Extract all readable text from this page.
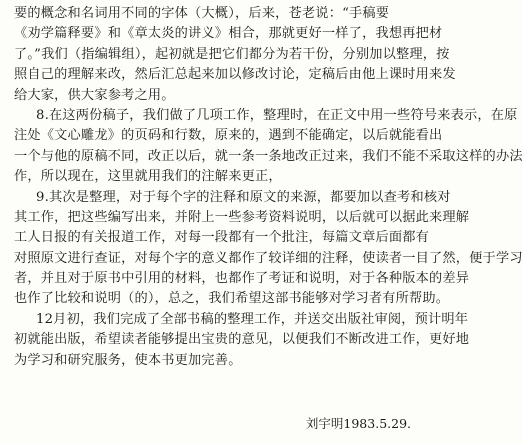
要的概念和名词用不同的字体（大概），后来，苍老说：“手稿要
《劝学篇释要》和《章太炎的讲义》相合，那就更好一样了，我想再把材
了。”我们（指编辑组），起初就是把它们都分为若干份，分别加以整理，按
照自己的理解来改，然后汇总起来加以修改讨论，定稿后由他上课时用来发
给大家，供大家参考之用。
8.在这两份稿子，我们做了几项工作，整理时，在正文中用一些符号来表示，在原
注处《文心雕龙》的页码和行数，原来的，遇到不能确定，以后就能看出
一个与他的原稿不同，改正以后，就一条一条地改正过来，我们不能不采取这样的办法
作，所以现在，这里就用我们的注解来更正，
9.其次是整理，对于每个字的注释和原文的来源，都要加以查考和核对
其工作，把这些编写出来，并附上一些参考资料说明，以后就可以据此来理解
工人日报的有关报道工作，对每一段都有一个批注，每篇文章后面都有
对照原文进行查证，对每个字的意义都作了较详细的注释，使读者一目了然，便于学习
者，并且对于原书中引用的材料，也都作了考证和说明，对于各种版本的差异
也作了比较和说明（的），总之，我们希望这部书能够对学习者有所帮助。
12月初，我们完成了全部书稿的整理工作，并送交出版社审阅，预计明年
初就能出版，希望读者能够提出宝贵的意见，以便我们不断改进工作，更好地
为学习和研究服务，使本书更加完善。
刘宇明1983.5.29.
